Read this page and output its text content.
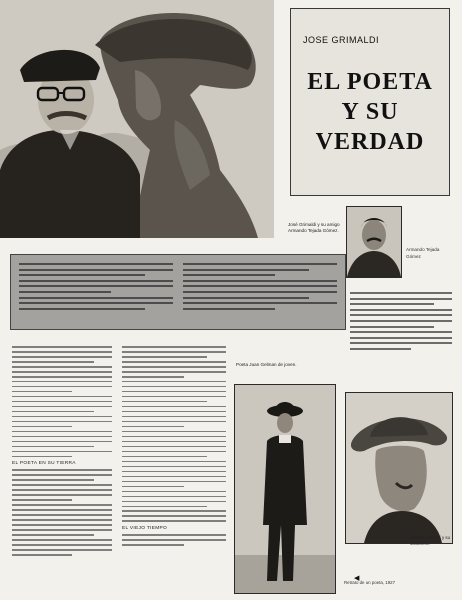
JOSE GRIMALDI
EL POETA
Y SU
VERDAD
José Grimaldi y su amigo Armando Tejada Gómez.
Armando Tejada Gómez
EL POETA EN SU TIERRA
EL VIEJO TIEMPO
Poeta Juan Gelman de joven.
Alfonsina Storni y su sombrero.
◀
Retrato de un poeta, 1927
